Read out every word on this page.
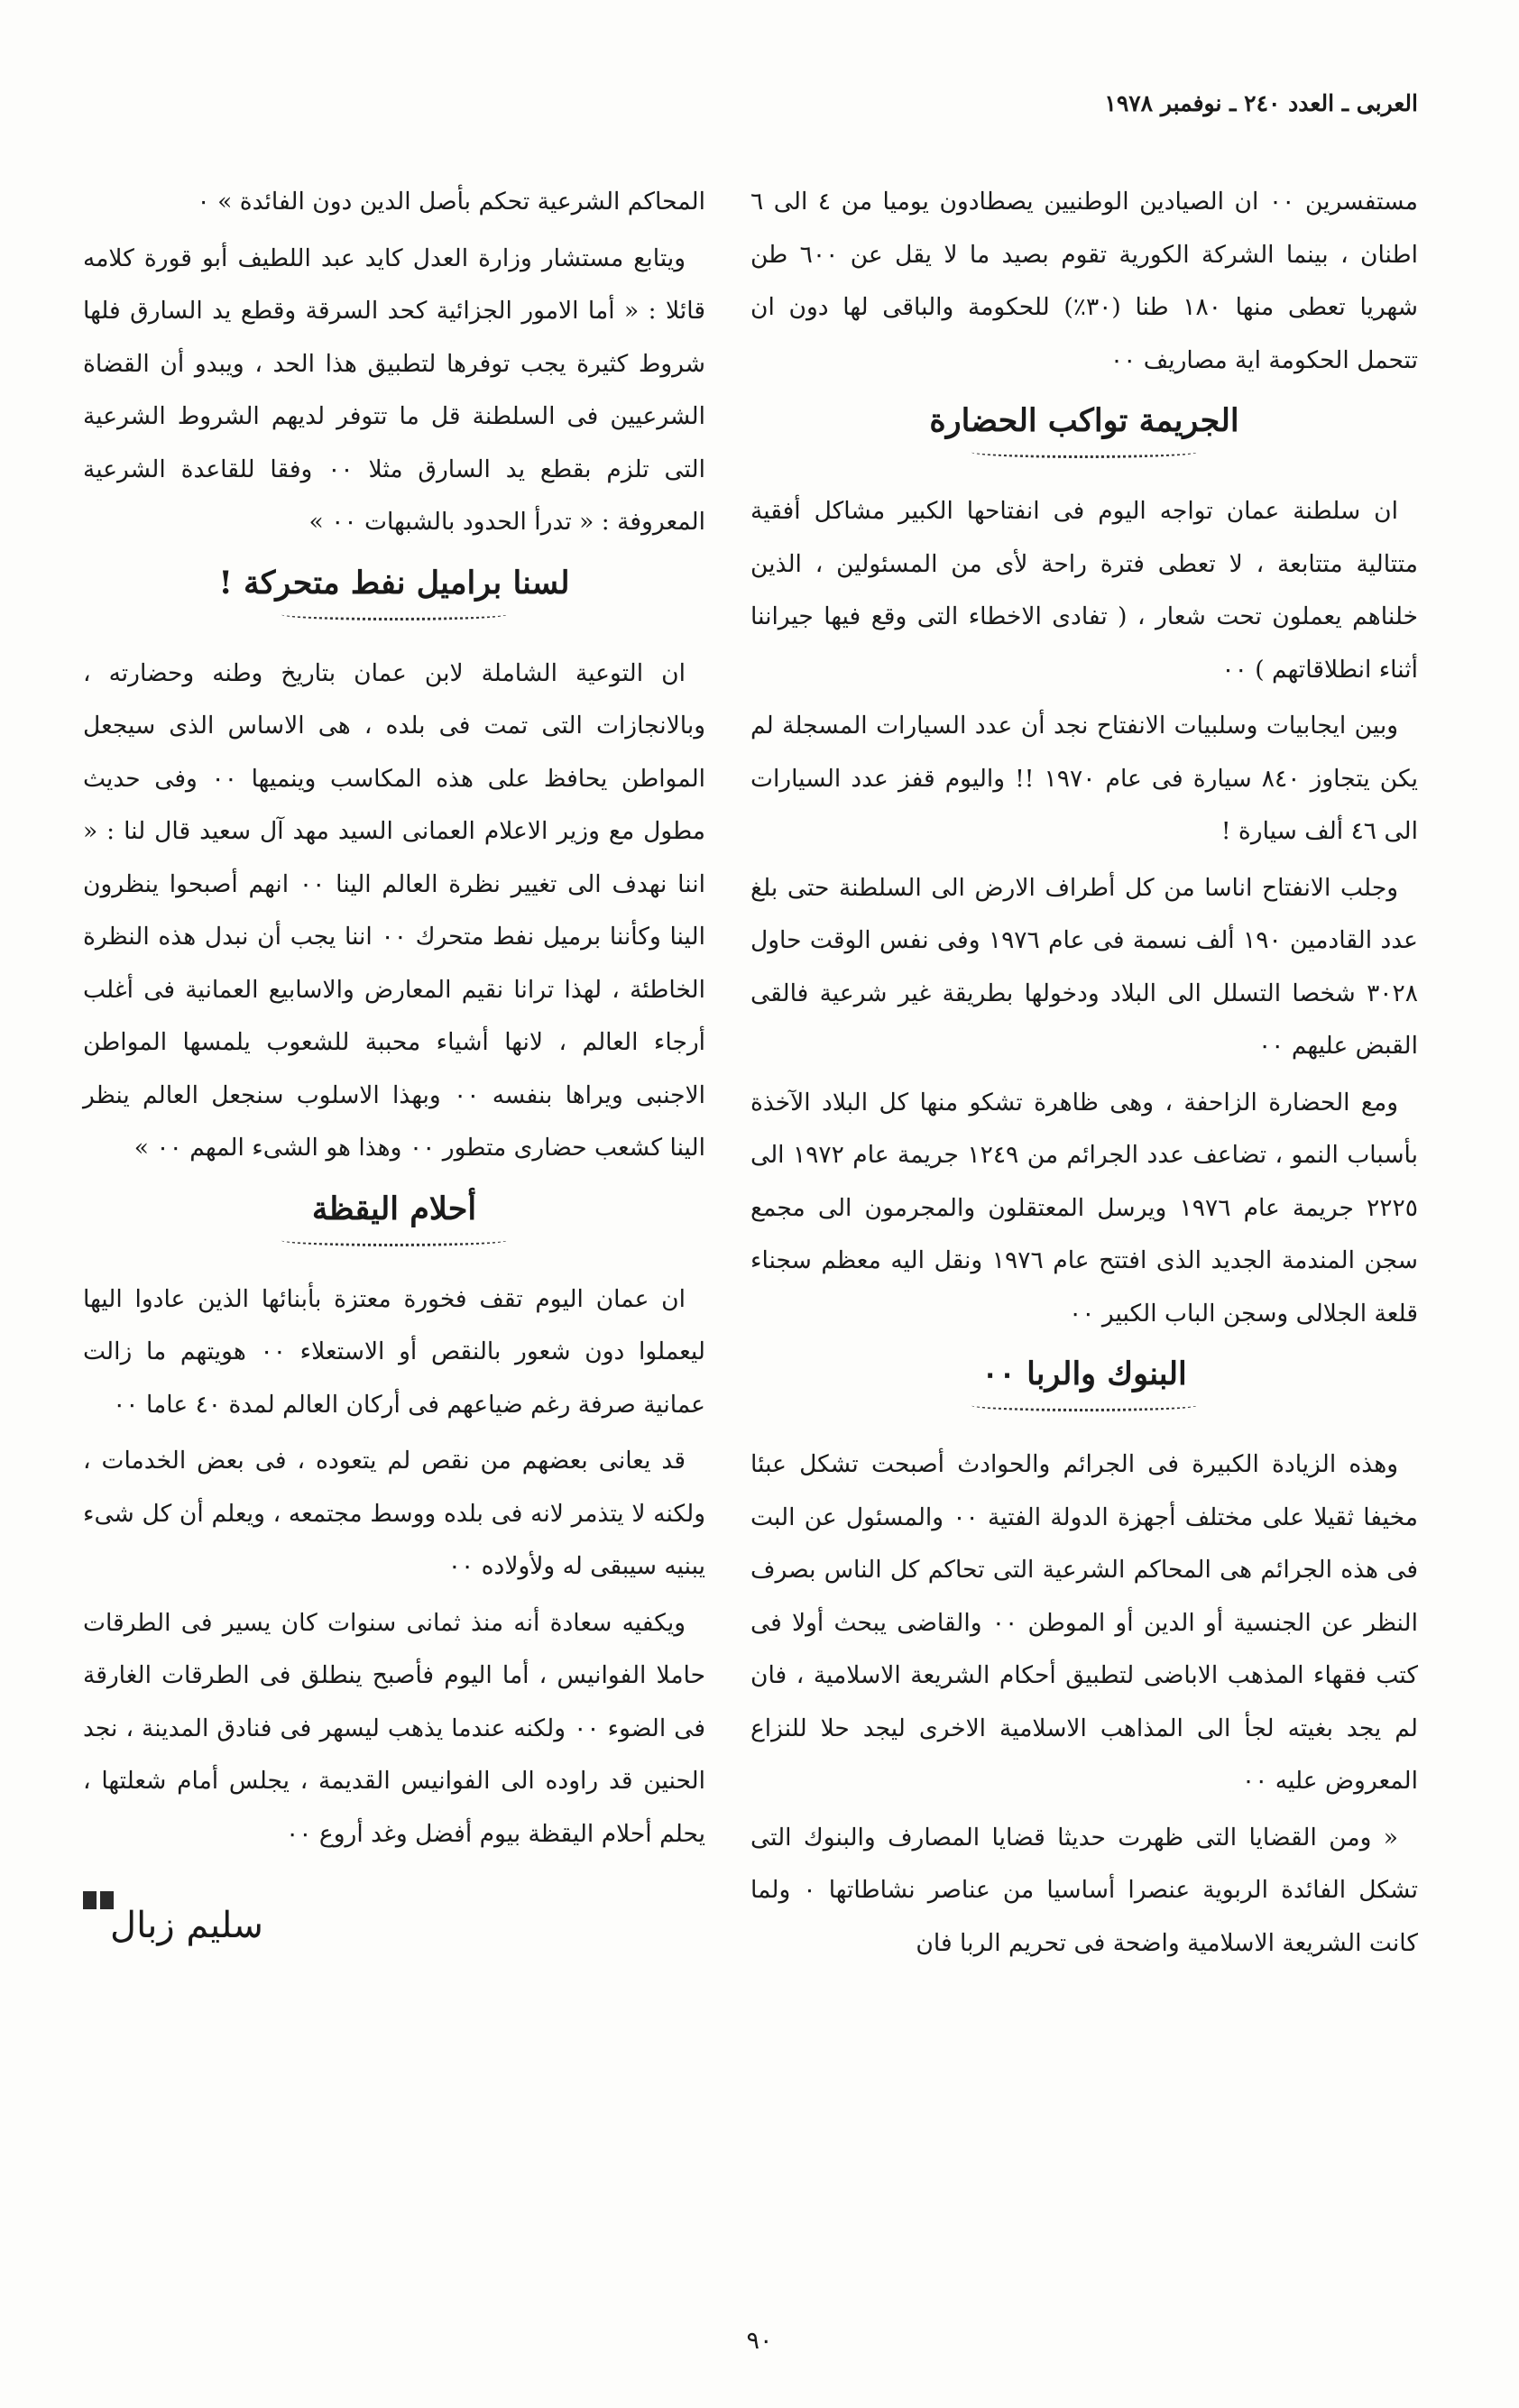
العربى ـ العدد ٢٤٠ ـ نوفمبر ١٩٧٨

مستفسرين ٠٠ ان الصيادين الوطنيين يصطادون يوميا من ٤ الى ٦ اطنان ، بينما الشركة الكورية تقوم بصيد ما لا يقل عن ٦٠٠ طن شهريا تعطى منها ١٨٠ طنا (٣٠٪) للحكومة والباقى لها دون ان تتحمل الحكومة اية مصاريف ٠٠

الجريمة تواكب الحضارة

ان سلطنة عمان تواجه اليوم فى انفتاحها الكبير مشاكل أفقية متتالية متتابعة ، لا تعطى فترة راحة لأى من المسئولين ، الذين خلناهم يعملون تحت شعار ، ( تفادى الاخطاء التى وقع فيها جيراننا أثناء انطلاقاتهم ) ٠٠

وبين ايجابيات وسلبيات الانفتاح نجد أن عدد السيارات المسجلة لم يكن يتجاوز ٨٤٠ سيارة فى عام ١٩٧٠ !! واليوم قفز عدد السيارات الى ٤٦ ألف سيارة !

وجلب الانفتاح اناسا من كل أطراف الارض الى السلطنة حتى بلغ عدد القادمين ١٩٠ ألف نسمة فى عام ١٩٧٦ وفى نفس الوقت حاول ٣٠٢٨ شخصا التسلل الى البلاد ودخولها بطريقة غير شرعية فالقى القبض عليهم ٠٠

ومع الحضارة الزاحفة ، وهى ظاهرة تشكو منها كل البلاد الآخذة بأسباب النمو ، تضاعف عدد الجرائم من ١٢٤٩ جريمة عام ١٩٧٢ الى ٢٢٢٥ جريمة عام ١٩٧٦ ويرسل المعتقلون والمجرمون الى مجمع سجن المندمة الجديد الذى افتتح عام ١٩٧٦ ونقل اليه معظم سجناء قلعة الجلالى وسجن الباب الكبير ٠٠

البنوك والربا ٠٠

وهذه الزيادة الكبيرة فى الجرائم والحوادث أصبحت تشكل عبئا مخيفا ثقيلا على مختلف أجهزة الدولة الفتية ٠٠ والمسئول عن البت فى هذه الجرائم هى المحاكم الشرعية التى تحاكم كل الناس بصرف النظر عن الجنسية أو الدين أو الموطن ٠٠ والقاضى يبحث أولا فى كتب فقهاء المذهب الاباضى لتطبيق أحكام الشريعة الاسلامية ، فان لم يجد بغيته لجأ الى المذاهب الاسلامية الاخرى ليجد حلا للنزاع المعروض عليه ٠٠

« ومن القضايا التى ظهرت حديثا قضايا المصارف والبنوك التى تشكل الفائدة الربوية عنصرا أساسيا من عناصر نشاطاتها ٠ ولما كانت الشريعة الاسلامية واضحة فى تحريم الربا فان

المحاكم الشرعية تحكم بأصل الدين دون الفائدة » ٠

ويتابع مستشار وزارة العدل كايد عبد اللطيف أبو قورة كلامه قائلا : « أما الامور الجزائية كحد السرقة وقطع يد السارق فلها شروط كثيرة يجب توفرها لتطبيق هذا الحد ، ويبدو أن القضاة الشرعيين فى السلطنة قل ما تتوفر لديهم الشروط الشرعية التى تلزم بقطع يد السارق مثلا ٠٠ وفقا للقاعدة الشرعية المعروفة : « تدرأ الحدود بالشبهات ٠٠ »

لسنا براميل نفط متحركة !

ان التوعية الشاملة لابن عمان بتاريخ وطنه وحضارته ، وبالانجازات التى تمت فى بلده ، هى الاساس الذى سيجعل المواطن يحافظ على هذه المكاسب وينميها ٠٠ وفى حديث مطول مع وزير الاعلام العمانى السيد مهد آل سعيد قال لنا : « اننا نهدف الى تغيير نظرة العالم الينا ٠٠ انهم أصبحوا ينظرون الينا وكأننا برميل نفط متحرك ٠٠ اننا يجب أن نبدل هذه النظرة الخاطئة ، لهذا ترانا نقيم المعارض والاسابيع العمانية فى أغلب أرجاء العالم ، لانها أشياء محببة للشعوب يلمسها المواطن الاجنبى ويراها بنفسه ٠٠ وبهذا الاسلوب سنجعل العالم ينظر الينا كشعب حضارى متطور ٠٠ وهذا هو الشىء المهم ٠٠ »

أحلام اليقظة

ان عمان اليوم تقف فخورة معتزة بأبنائها الذين عادوا اليها ليعملوا دون شعور بالنقص أو الاستعلاء ٠٠ هويتهم ما زالت عمانية صرفة رغم ضياعهم فى أركان العالم لمدة ٤٠ عاما ٠٠

قد يعانى بعضهم من نقص لم يتعوده ، فى بعض الخدمات ، ولكنه لا يتذمر لانه فى بلده ووسط مجتمعه ، ويعلم أن كل شىء يبنيه سيبقى له ولأولاده ٠٠

ويكفيه سعادة أنه منذ ثمانى سنوات كان يسير فى الطرقات حاملا الفوانيس ، أما اليوم فأصبح ينطلق فى الطرقات الغارقة فى الضوء ٠٠ ولكنه عندما يذهب ليسهر فى فنادق المدينة ، نجد الحنين قد راوده الى الفوانيس القديمة ، يجلس أمام شعلتها ، يحلم أحلام اليقظة بيوم أفضل وغد أروع ٠٠

سليم زبال
٩٠
